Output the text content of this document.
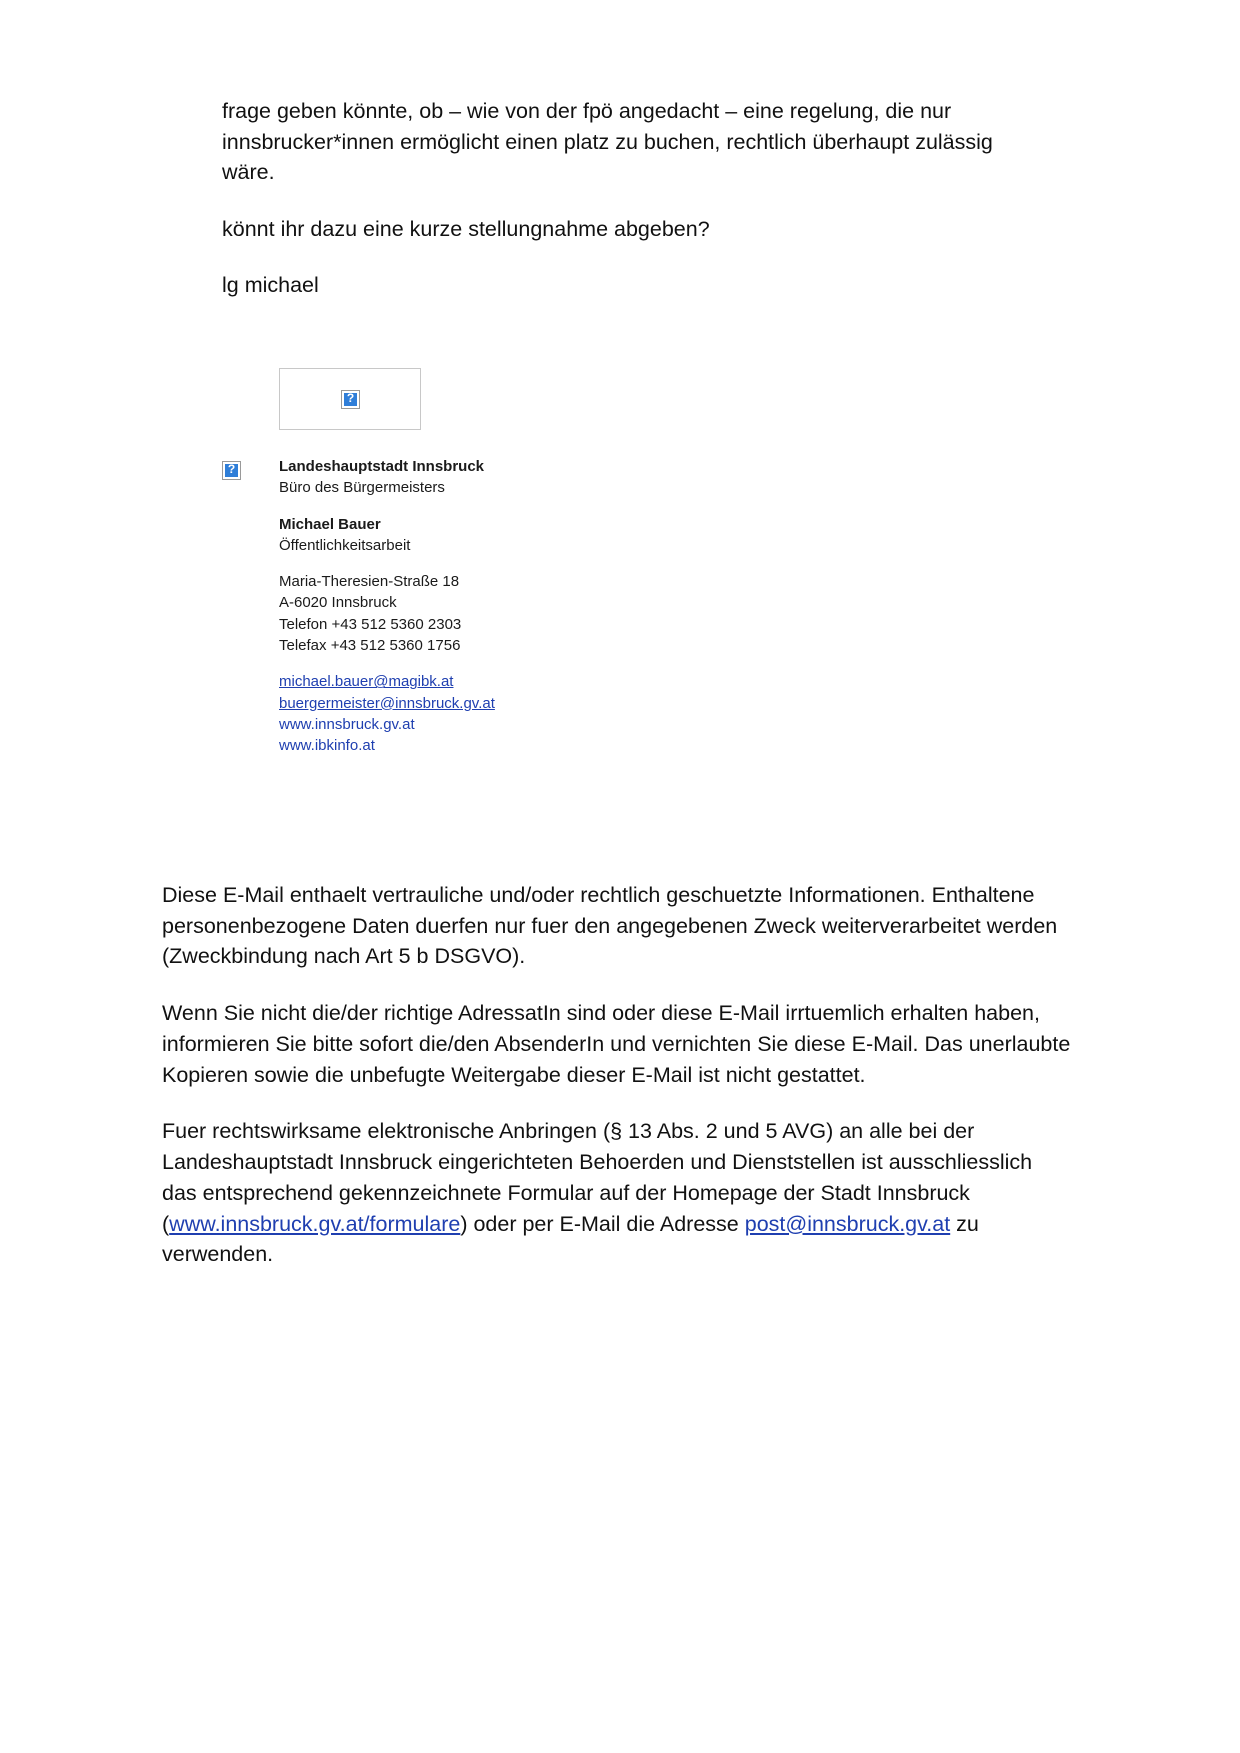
frage geben könnte, ob – wie von der fpö angedacht – eine regelung, die nur innsbrucker*innen ermöglicht einen platz zu buchen, rechtlich überhaupt zulässig wäre.

könnt ihr dazu eine kurze stellungnahme abgeben?

lg michael

?
?
Landeshauptstadt Innsbruck
Büro des Bürgermeisters
Michael Bauer
Öffentlichkeitsarbeit
Maria-Theresien-Straße 18
A-6020 Innsbruck
Telefon +43 512 5360 2303
Telefax +43 512 5360 1756
michael.bauer@magibk.at
buergermeister@innsbruck.gv.at
www.innsbruck.gv.at
www.ibkinfo.at

Diese E-Mail enthaelt vertrauliche und/oder rechtlich geschuetzte Informationen. Enthaltene personenbezogene Daten duerfen nur fuer den angegebenen Zweck weiterverarbeitet werden (Zweckbindung nach Art 5 b DSGVO).

Wenn Sie nicht die/der richtige AdressatIn sind oder diese E-Mail irrtuemlich erhalten haben, informieren Sie bitte sofort die/den AbsenderIn und vernichten Sie diese E-Mail. Das unerlaubte Kopieren sowie die unbefugte Weitergabe dieser E-Mail ist nicht gestattet.

Fuer rechtswirksame elektronische Anbringen (§ 13 Abs. 2 und 5 AVG) an alle bei der Landeshauptstadt Innsbruck eingerichteten Behoerden und Dienststellen ist ausschliesslich das entsprechend gekennzeichnete Formular auf der Homepage der Stadt Innsbruck (www.innsbruck.gv.at/formulare) oder per E-Mail die Adresse post@innsbruck.gv.at zu verwenden.
